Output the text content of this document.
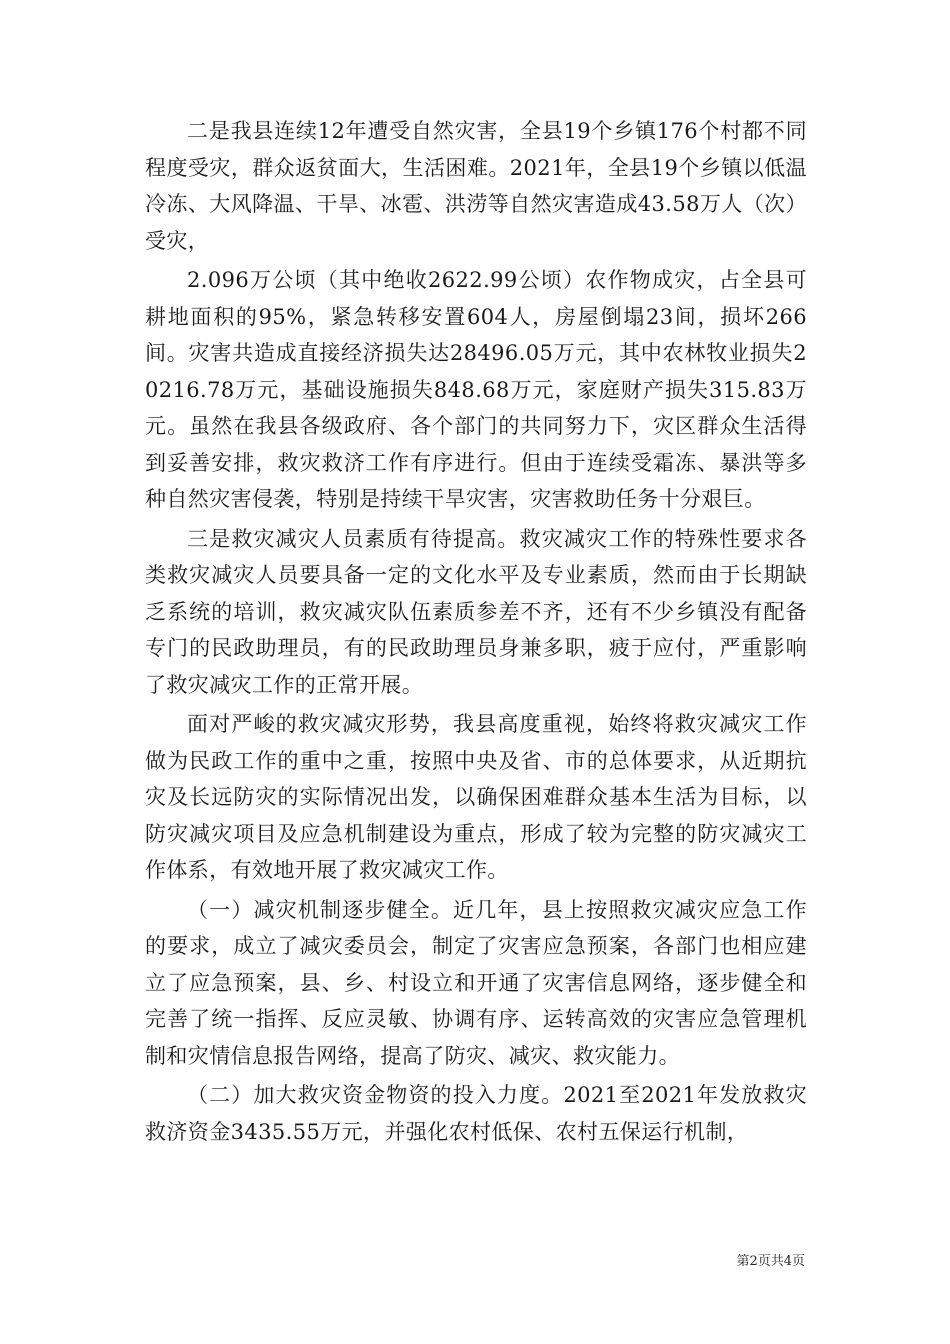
二是我县连续12年遭受自然灾害，全县19个乡镇176个村都不同程度受灾，群众返贫面大，生活困难。2021年，全县19个乡镇以低温冷冻、大风降温、干旱、冰雹、洪涝等自然灾害造成43.58万人（次）受灾，

2.096万公顷（其中绝收2622.99公顷）农作物成灾，占全县可耕地面积的95%，紧急转移安置604人，房屋倒塌23间，损坏266间。灾害共造成直接经济损失达28496.05万元，其中农林牧业损失20216.78万元，基础设施损失848.68万元，家庭财产损失315.83万元。虽然在我县各级政府、各个部门的共同努力下，灾区群众生活得到妥善安排，救灾救济工作有序进行。但由于连续受霜冻、暴洪等多种自然灾害侵袭，特别是持续干旱灾害，灾害救助任务十分艰巨。

三是救灾减灾人员素质有待提高。救灾减灾工作的特殊性要求各类救灾减灾人员要具备一定的文化水平及专业素质，然而由于长期缺乏系统的培训，救灾减灾队伍素质参差不齐，还有不少乡镇没有配备专门的民政助理员，有的民政助理员身兼多职，疲于应付，严重影响了救灾减灾工作的正常开展。

面对严峻的救灾减灾形势，我县高度重视，始终将救灾减灾工作做为民政工作的重中之重，按照中央及省、市的总体要求，从近期抗灾及长远防灾的实际情况出发，以确保困难群众基本生活为目标，以防灾减灾项目及应急机制建设为重点，形成了较为完整的防灾减灾工作体系，有效地开展了救灾减灾工作。

（一）减灾机制逐步健全。近几年，县上按照救灾减灾应急工作的要求，成立了减灾委员会，制定了灾害应急预案，各部门也相应建立了应急预案，县、乡、村设立和开通了灾害信息网络，逐步健全和完善了统一指挥、反应灵敏、协调有序、运转高效的灾害应急管理机制和灾情信息报告网络，提高了防灾、减灾、救灾能力。

（二）加大救灾资金物资的投入力度。2021至2021年发放救灾救济资金3435.55万元，并强化农村低保、农村五保运行机制，

第2页共4页
